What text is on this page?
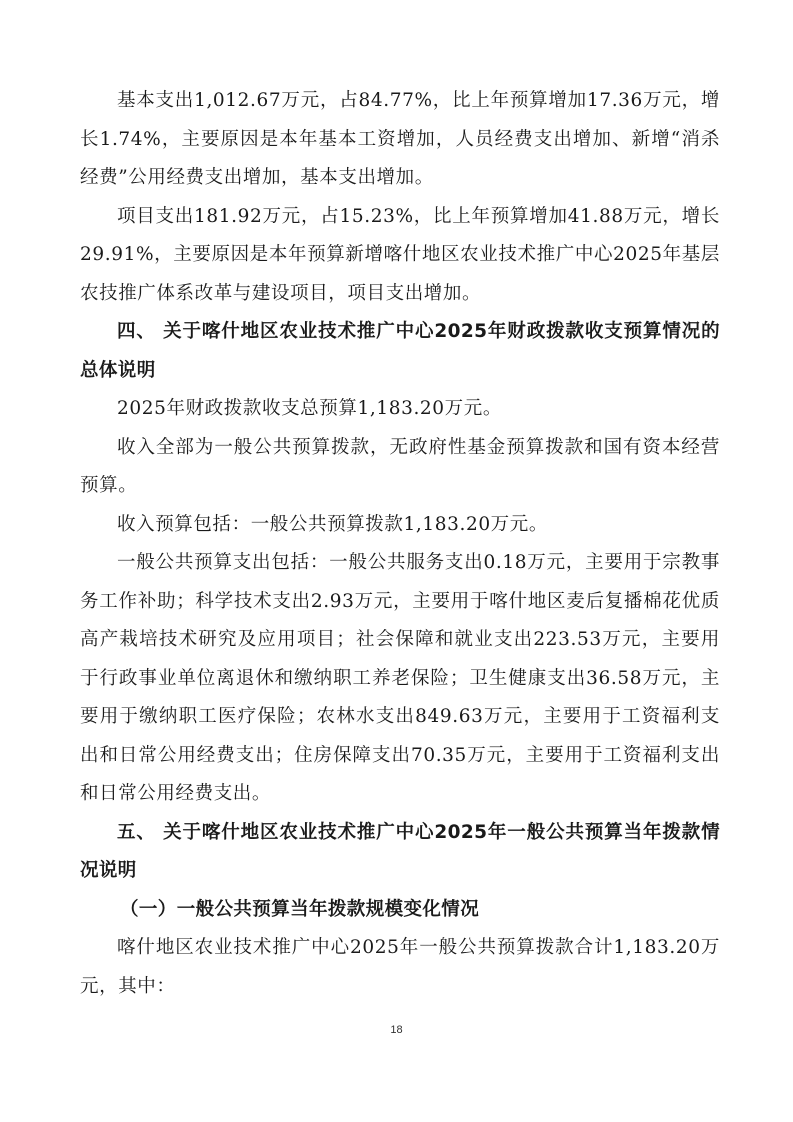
基本支出1,012.67万元，占84.77%，比上年预算增加17.36万元，增长1.74%，主要原因是本年基本工资增加，人员经费支出增加、新增“消杀经费”公用经费支出增加，基本支出增加。

项目支出181.92万元，占15.23%，比上年预算增加41.88万元，增长29.91%，主要原因是本年预算新增喀什地区农业技术推广中心2025年基层农技推广体系改革与建设项目，项目支出增加。

四、 关于喀什地区农业技术推广中心2025年财政拨款收支预算情况的总体说明

2025年财政拨款收支总预算1,183.20万元。

收入全部为一般公共预算拨款，无政府性基金预算拨款和国有资本经营预算。

收入预算包括：一般公共预算拨款1,183.20万元。

一般公共预算支出包括：一般公共服务支出0.18万元，主要用于宗教事务工作补助；科学技术支出2.93万元，主要用于喀什地区麦后复播棉花优质高产栽培技术研究及应用项目；社会保障和就业支出223.53万元，主要用于行政事业单位离退休和缴纳职工养老保险；卫生健康支出36.58万元，主要用于缴纳职工医疗保险；农林水支出849.63万元，主要用于工资福利支出和日常公用经费支出；住房保障支出70.35万元，主要用于工资福利支出和日常公用经费支出。

五、 关于喀什地区农业技术推广中心2025年一般公共预算当年拨款情况说明

（一）一般公共预算当年拨款规模变化情况

喀什地区农业技术推广中心2025年一般公共预算拨款合计1,183.20万元，其中：

18
